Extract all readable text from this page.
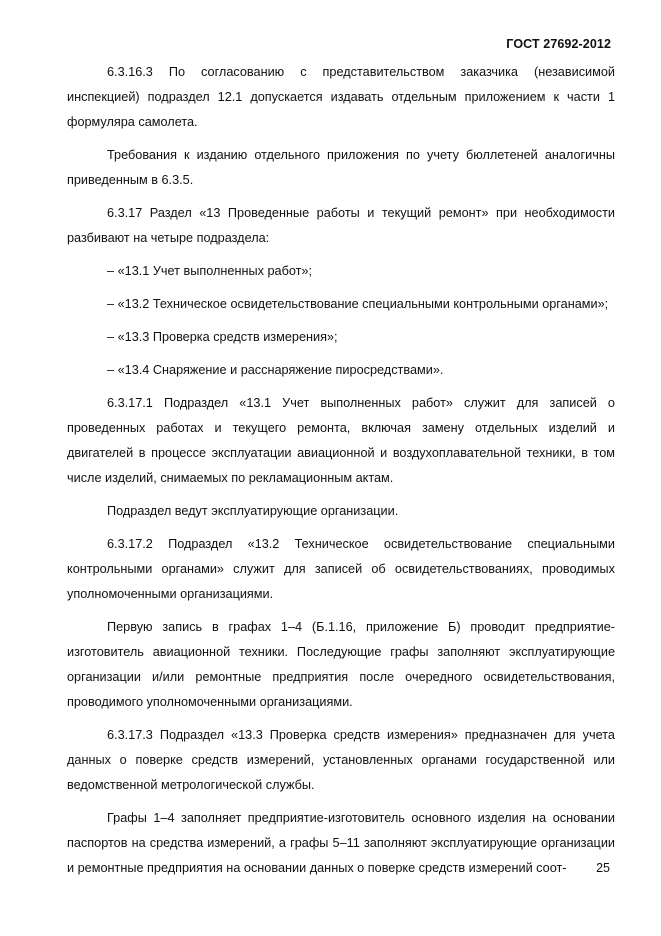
ГОСТ 27692-2012

6.3.16.3 По согласованию с представительством заказчика (независимой инспекцией) подраздел 12.1 допускается издавать отдельным приложением к части 1 формуляра самолета.

Требования к изданию отдельного приложения по учету бюллетеней аналогичны приведенным в 6.3.5.

6.3.17 Раздел «13 Проведенные работы и текущий ремонт» при необходимости разбивают на четыре подраздела:

– «13.1 Учет выполненных работ»;

– «13.2 Техническое освидетельствование специальными контрольными органами»;

– «13.3 Проверка средств измерения»;

– «13.4 Снаряжение и расснаряжение пиросредствами».

6.3.17.1 Подраздел «13.1 Учет выполненных работ» служит для записей о проведенных работах и текущего ремонта, включая замену отдельных изделий и двигателей в процессе эксплуатации авиационной и воздухоплавательной техники, в том числе изделий, снимаемых по рекламационным актам.

Подраздел ведут эксплуатирующие организации.

6.3.17.2 Подраздел «13.2 Техническое освидетельствование специальными контрольными органами» служит для записей об освидетельствованиях, проводимых уполномоченными организациями.

Первую запись в графах 1–4 (Б.1.16, приложение Б) проводит предприятие-изготовитель авиационной техники. Последующие графы заполняют эксплуатирующие организации и/или ремонтные предприятия после очередного освидетельствования, проводимого уполномоченными организациями.

6.3.17.3 Подраздел «13.3 Проверка средств измерения» предназначен для учета данных о поверке средств измерений, установленных органами государственной или ведомственной метрологической службы.

Графы 1–4 заполняет предприятие-изготовитель основного изделия на основании паспортов на средства измерений, а графы 5–11 заполняют эксплуатирующие организации и ремонтные предприятия на основании данных о поверке средств измерений соот-	25
